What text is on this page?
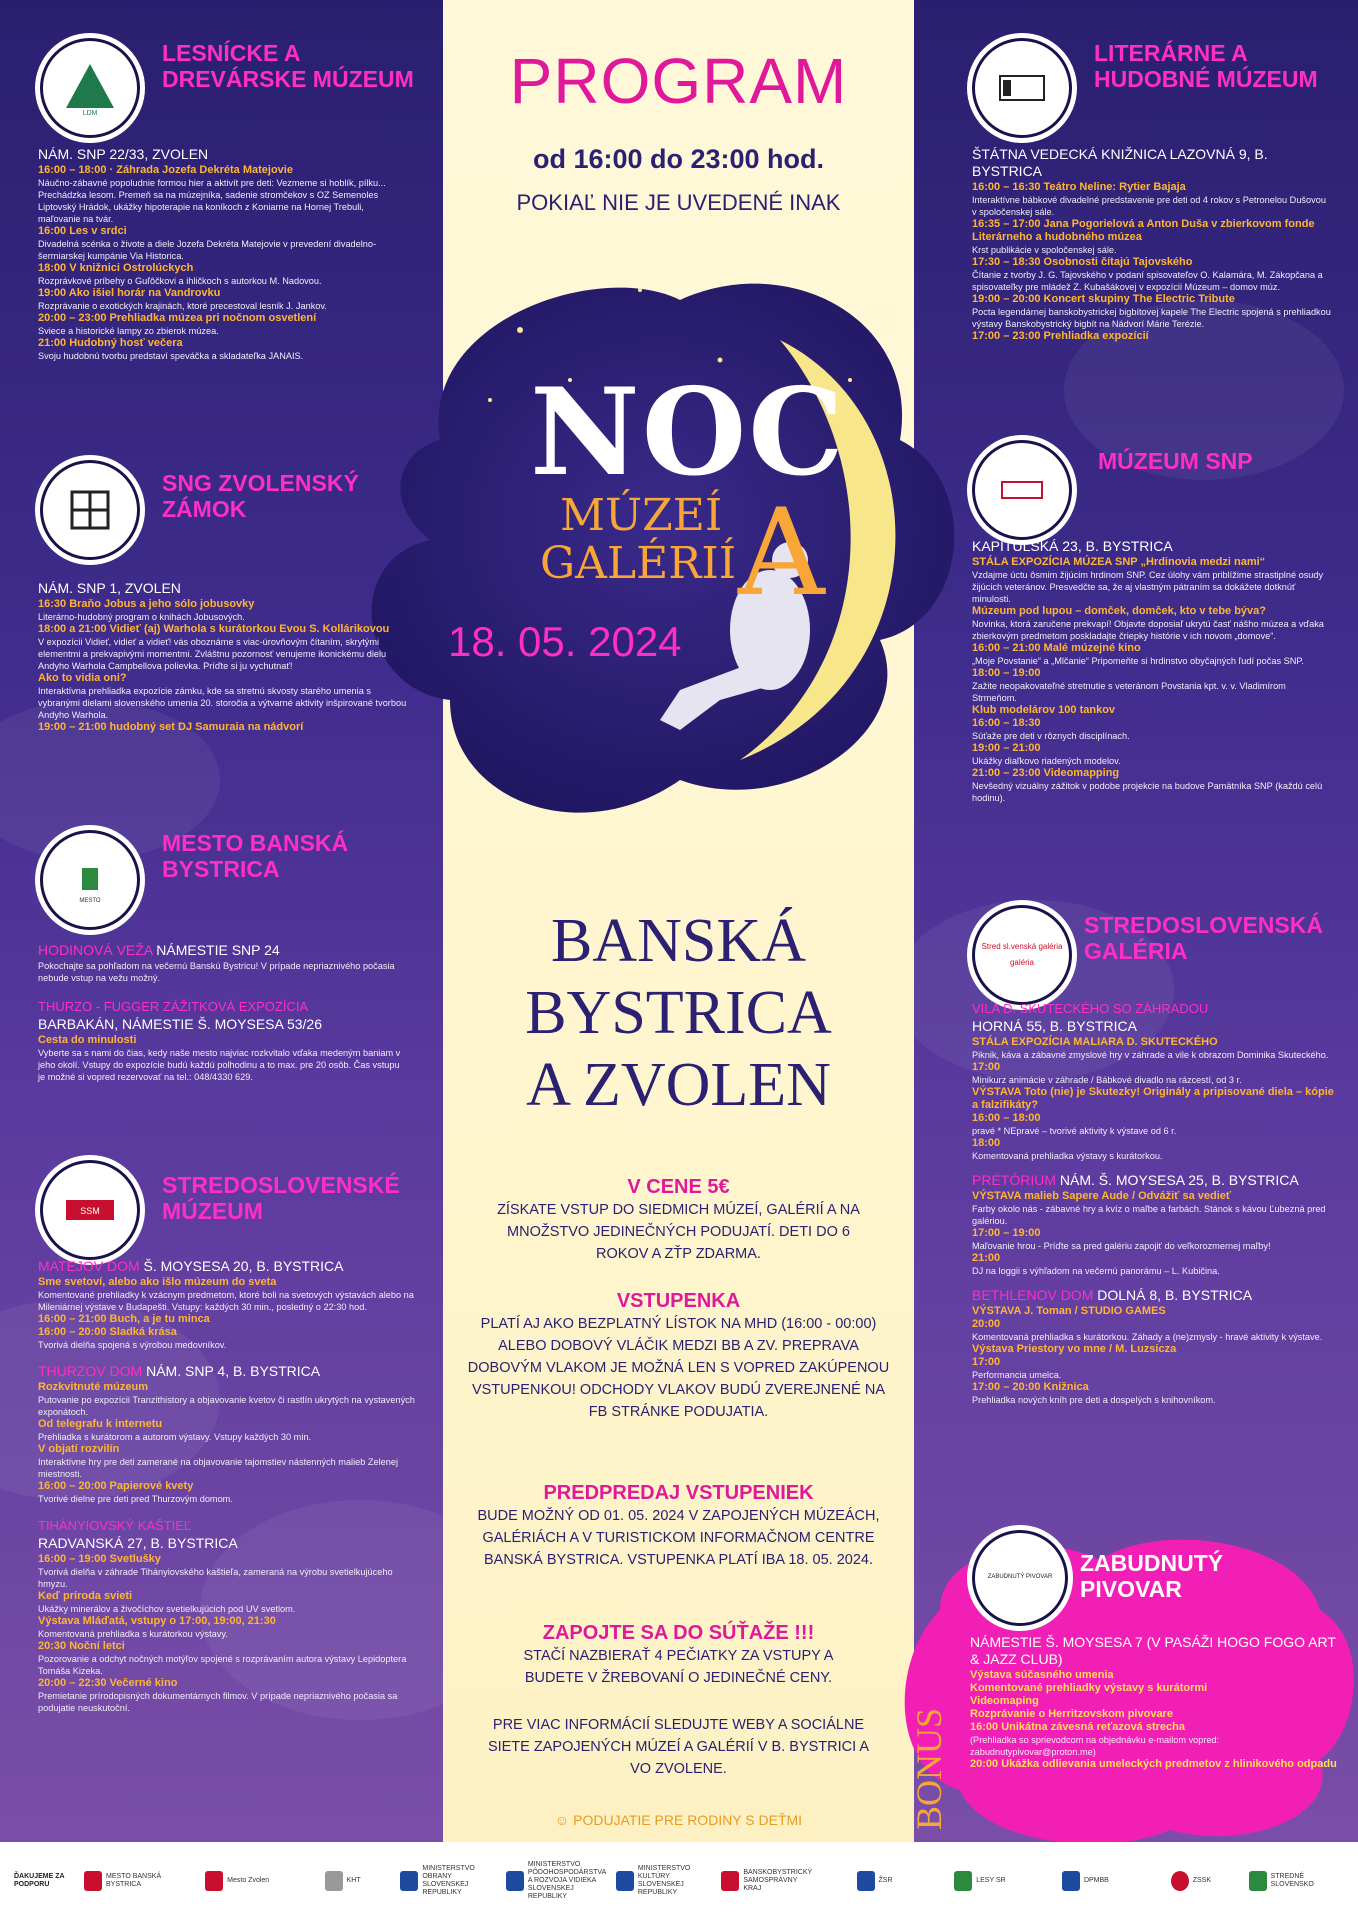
PROGRAM
od 16:00 do 23:00 hod.
POKIAĽ NIE JE UVEDENÉ INAK
NOC
MÚZEÍ A
GALÉRIÍ
18. 05. 2024
BANSKÁ
BYSTRICA
A ZVOLEN
V CENE 5€
ZÍSKATE VSTUP DO SIEDMICH MÚZEÍ, GALÉRIÍ A NA MNOŽSTVO JEDINEČNÝCH PODUJATÍ. DETI DO 6 ROKOV A ZŤP ZDARMA.
VSTUPENKA
PLATÍ AJ AKO BEZPLATNÝ LÍSTOK NA MHD (16:00 - 00:00) ALEBO DOBOVÝ VLÁČIK MEDZI BB A ZV. PREPRAVA DOBOVÝM VLAKOM JE MOŽNÁ LEN S VOPRED ZAKÚPENOU VSTUPENKOU! ODCHODY VLAKOV BUDÚ ZVEREJNENÉ NA FB STRÁNKE PODUJATIA.
PREDPREDAJ VSTUPENIEK
BUDE MOŽNÝ OD 01. 05. 2024 V ZAPOJENÝCH MÚZEÁCH, GALÉRIÁCH A V TURISTICKOM INFORMAČNOM CENTRE BANSKÁ BYSTRICA. VSTUPENKA PLATÍ IBA 18. 05. 2024.
ZAPOJTE SA DO SÚŤAŽE !!!
STAČÍ NAZBIERAŤ 4 PEČIATKY ZA VSTUPY A BUDETE V ŽREBOVANÍ O JEDINEČNÉ CENY.
PRE VIAC INFORMÁCIÍ SLEDUJTE WEBY A SOCIÁLNE SIETE ZAPOJENÝCH MÚZEÍ A GALÉRIÍ V B. BYSTRICI A VO ZVOLENE.
☺ PODUJATIE PRE RODINY S DEŤMI
LDM
LESNÍCKE A DREVÁRSKE MÚZEUM
NÁM. SNP 22/33, ZVOLEN
16:00 – 18:00 · Záhrada Jozefa Dekréta Matejovie
Náučno-zábavné popoludnie formou hier a aktivít pre deti: Vezmeme si hoblík, pílku... Prechádzka lesom. Premeň sa na múzejníka, sadenie stromčekov s OZ Semenoles Liptovský Hrádok, ukážky hipoterapie na koníkoch z Koniarne na Hornej Trebuli, maľovanie na tvár.
16:00 Les v srdci
Divadelná scénka o živote a diele Jozefa Dekréta Matejovie v prevedení divadelno-šermiarskej kumpánie Via Historica.
18:00 V knižnici Ostrolúckych
Rozprávkové príbehy o Guľôčkovi a ihličkoch s autorkou M. Nadovou.
19:00 Ako išiel horár na Vandrovku
Rozprávanie o exotických krajinách, ktoré precestoval lesník J. Jankov.
20:00 – 23:00 Prehliadka múzea pri nočnom osvetlení
Sviece a historické lampy zo zbierok múzea.
21:00 Hudobný hosť večera
Svoju hudobnú tvorbu predstaví speváčka a skladateľka JANAIS.
SNG ZVOLENSKÝ ZÁMOK
NÁM. SNP 1, ZVOLEN
16:30 Braňo Jobus a jeho sólo jobusovky
Literárno-hudobný program o knihách Jobusových.
18:00 a 21:00 Vidieť (aj) Warhola s kurátorkou Evou S. Kollárikovou
V expozícii Vidieť, vidieť a vidieť! vás oboznáme s viac-úrovňovým čítaním, skrytými elementmi a prekvapivými momentmi. Zvláštnu pozornosť venujeme ikonickému dielu Andyho Warhola Campbellova polievka. Príďte si ju vychutnať!
Ako to vidia oni?
Interaktívna prehliadka expozície zámku, kde sa stretnú skvosty starého umenia s vybranými dielami slovenského umenia 20. storočia a výtvarné aktivity inšpirované tvorbou Andyho Warhola.
19:00 – 21:00 hudobný set DJ Samuraia na nádvorí
MESTO
MESTO BANSKÁ BYSTRICA
HODINOVÁ VEŽA NÁMESTIE SNP 24
Pokochajte sa pohľadom na večernú Banskú Bystricu! V prípade nepriaznivého počasia nebude vstup na vežu možný.
THURZO - FUGGER ZÁŽITKOVÁ EXPOZÍCIA
BARBAKÁN, NÁMESTIE Š. MOYSESA 53/26
Cesta do minulosti
Vyberte sa s nami do čias, kedy naše mesto najviac rozkvitalo vďaka medeným baniam v jeho okolí. Vstupy do expozície budú každú polhodinu a to max. pre 20 osôb. Čas vstupu je možné si vopred rezervovať na tel.: 048/4330 629.
SSM
STREDOSLOVENSKÉ MÚZEUM
MATEJOV DOM Š. MOYSESA 20, B. BYSTRICA
Sme svetoví, alebo ako išlo múzeum do sveta
Komentované prehliadky k vzácnym predmetom, ktoré boli na svetových výstavách alebo na Mileniárnej výstave v Budapešti. Vstupy: každých 30 min., posledný o 22:30 hod.
16:00 – 21:00 Buch, a je tu minca
16:00 – 20:00 Sladká krása
Tvorivá dielňa spojená s výrobou medovníkov.
THURZOV DOM NÁM. SNP 4, B. BYSTRICA
Rozkvitnuté múzeum
Putovanie po expozícii Tranzithistory a objavovanie kvetov či rastlín ukrytých na vystavených exponátoch.
Od telegrafu k internetu
Prehliadka s kurátorom a autorom výstavy. Vstupy každých 30 min.
V objatí rozvilín
Interaktívne hry pre deti zamerané na objavovanie tajomstiev nástenných malieb Zelenej miestnosti.
16:00 – 20:00 Papierové kvety
Tvorivé dielne pre deti pred Thurzovým domom.
TIHÁNYIOVSKÝ KAŠTIEĽ
RADVANSKÁ 27, B. BYSTRICA
16:00 – 19:00 Svetlušky
Tvorivá dielňa v záhrade Tihányiovského kaštieľa, zameraná na výrobu svetielkujúceho hmyzu.
Keď príroda svieti
Ukážky minerálov a živočíchov svetielkujúcich pod UV svetlom.
Výstava Mláďatá, vstupy o 17:00, 19:00, 21:30
Komentovaná prehliadka s kurátorkou výstavy.
20:30 Noční letci
Pozorovanie a odchyt nočných motýľov spojené s rozprávaním autora výstavy Lepidoptera Tomáša Kizeka.
20:00 – 22:30 Večerné kino
Premietanie prírodopisných dokumentárnych filmov. V prípade nepriaznivého počasia sa podujatie neuskutoční.
LITERÁRNE A HUDOBNÉ MÚZEUM
ŠTÁTNA VEDECKÁ KNIŽNICA LAZOVNÁ 9, B. BYSTRICA
16:00 – 16:30 Teátro Neline: Rytier Bajaja
Interaktívne bábkové divadelné predstavenie pre deti od 4 rokov s Petronelou Dušovou v spoločenskej sále.
16:35 – 17:00 Jana Pogorielová a Anton Duša v zbierkovom fonde Literárneho a hudobného múzea
Krst publikácie v spoločenskej sále.
17:30 – 18:30 Osobnosti čítajú Tajovského
Čítanie z tvorby J. G. Tajovského v podaní spisovateľov O. Kalamára, M. Zákopčana a spisovateľky pre mládež Z. Kubašákovej v expozícii Múzeum – domov múz.
19:00 – 20:00 Koncert skupiny The Electric Tribute
Pocta legendárnej banskobystrickej bigbítovej kapele The Electric spojená s prehliadkou výstavy Banskobystrický bigbít na Nádvorí Márie Terézie.
17:00 – 23:00 Prehliadka expozícií
MÚZEUM SNP
KAPITULSKÁ 23, B. BYSTRICA
STÁLA EXPOZÍCIA MÚZEA SNP „Hrdinovia medzi nami“
Vzdajme úctu ôsmim žijúcim hrdinom SNP. Cez úlohy vám priblížime strastiplné osudy žijúcich veteránov. Presvedčte sa, že aj vlastným pátraním sa dokážete dotknúť minulosti.
Múzeum pod lupou – domček, domček, kto v tebe býva?
Novinka, ktorá zaručene prekvapí! Objavte doposiaľ ukrytú časť nášho múzea a vďaka zbierkovým predmetom poskladajte čriepky histórie v ich novom „domove“.
16:00 – 21:00 Malé múzejné kino
„Moje Povstanie“ a „Mlčanie“ Pripomeňte si hrdinstvo obyčajných ľudí počas SNP.
18:00 – 19:00
Zažite neopakovateľné stretnutie s veteránom Povstania kpt. v. v. Vladimírom Strmeňom.
Klub modelárov 100 tankov
16:00 – 18:30
Súťaže pre deti v rôznych disciplínach.
19:00 – 21:00
Ukážky diaľkovo riadených modelov.
21:00 – 23:00 Videomapping
Nevšedný vizuálny zážitok v podobe projekcie na budove Pamätníka SNP (každú celú hodinu).
Stred sl.venská galéria
galéria
STREDOSLOVENSKÁ GALÉRIA
VILA D. SKUTECKÉHO SO ZÁHRADOU
HORNÁ 55, B. BYSTRICA
STÁLA EXPOZÍCIA MALIARA D. SKUTECKÉHO
Piknik, káva a zábavné zmyslové hry v záhrade a vile k obrazom Dominika Skuteckého.
17:00
Minikurz animácie v záhrade / Bábkové divadlo na rázcestí, od 3 r.
VÝSTAVA Toto (nie) je Skutezky! Originály a pripisované diela – kópie a falzifikáty?
16:00 – 18:00
pravé * NEpravé – tvorivé aktivity k výstave od 6 r.
18:00
Komentovaná prehliadka výstavy s kurátorkou.
PRÉTÓRIUM NÁM. Š. MOYSESA 25, B. BYSTRICA
VÝSTAVA malieb Sapere Aude / Odvážiť sa vedieť
Farby okolo nás - zábavné hry a kvíz o maľbe a farbách. Stánok s kávou Ľubezná pred galériou.
17:00 – 19:00
Maľovanie hrou - Príďte sa pred galériu zapojiť do veľkorozmernej maľby!
21:00
DJ na loggii s výhľadom na večernú panorámu – L. Kubičina.
BETHLENOV DOM DOLNÁ 8, B. BYSTRICA
VÝSTAVA J. Toman / STUDIO GAMES
20:00
Komentovaná prehliadka s kurátorkou. Záhady a (ne)zmysly - hravé aktivity k výstave.
Výstava Priestory vo mne / M. Luzsicza
17:00
Performancia umelca.
17:00 – 20:00 Knižnica
Prehliadka nových kníh pre deti a dospelých s knihovníkom.
ZABUDNUTÝ PIVOVAR
ZABUDNUTÝ PIVOVAR
NÁMESTIE Š. MOYSESA 7 (V PASÁŽI HOGO FOGO ART & JAZZ CLUB)
Výstava súčasného umenia
Komentované prehliadky výstavy s kurátormi
Videomaping
Rozprávanie o Herritzovskom pivovare
16:00 Unikátna závesná reťazová strecha
(Prehliadka so sprievodcom na objednávku e-mailom vopred: zabudnutypivovar@proton.me)
20:00 Ukážka odlievania umeleckých predmetov z hlinikového odpadu
BONUS
ĎAKUJEME ZA PODPORU
MESTO BANSKÁ BYSTRICA
Mesto Zvolen	KHT
MINISTERSTVO OBRANY SLOVENSKEJ REPUBLIKY
MINISTERSTVO PÔDOHOSPODÁRSTVA A ROZVOJA VIDIEKA SLOVENSKEJ REPUBLIKY
MINISTERSTVO KULTÚRY SLOVENSKEJ REPUBLIKY
BANSKOBYSTRICKÝ SAMOSPRÁVNY KRAJ
ŽSR	LESY SR	DPMBB	ZSSK
STREDNÉ SLOVENSKO
